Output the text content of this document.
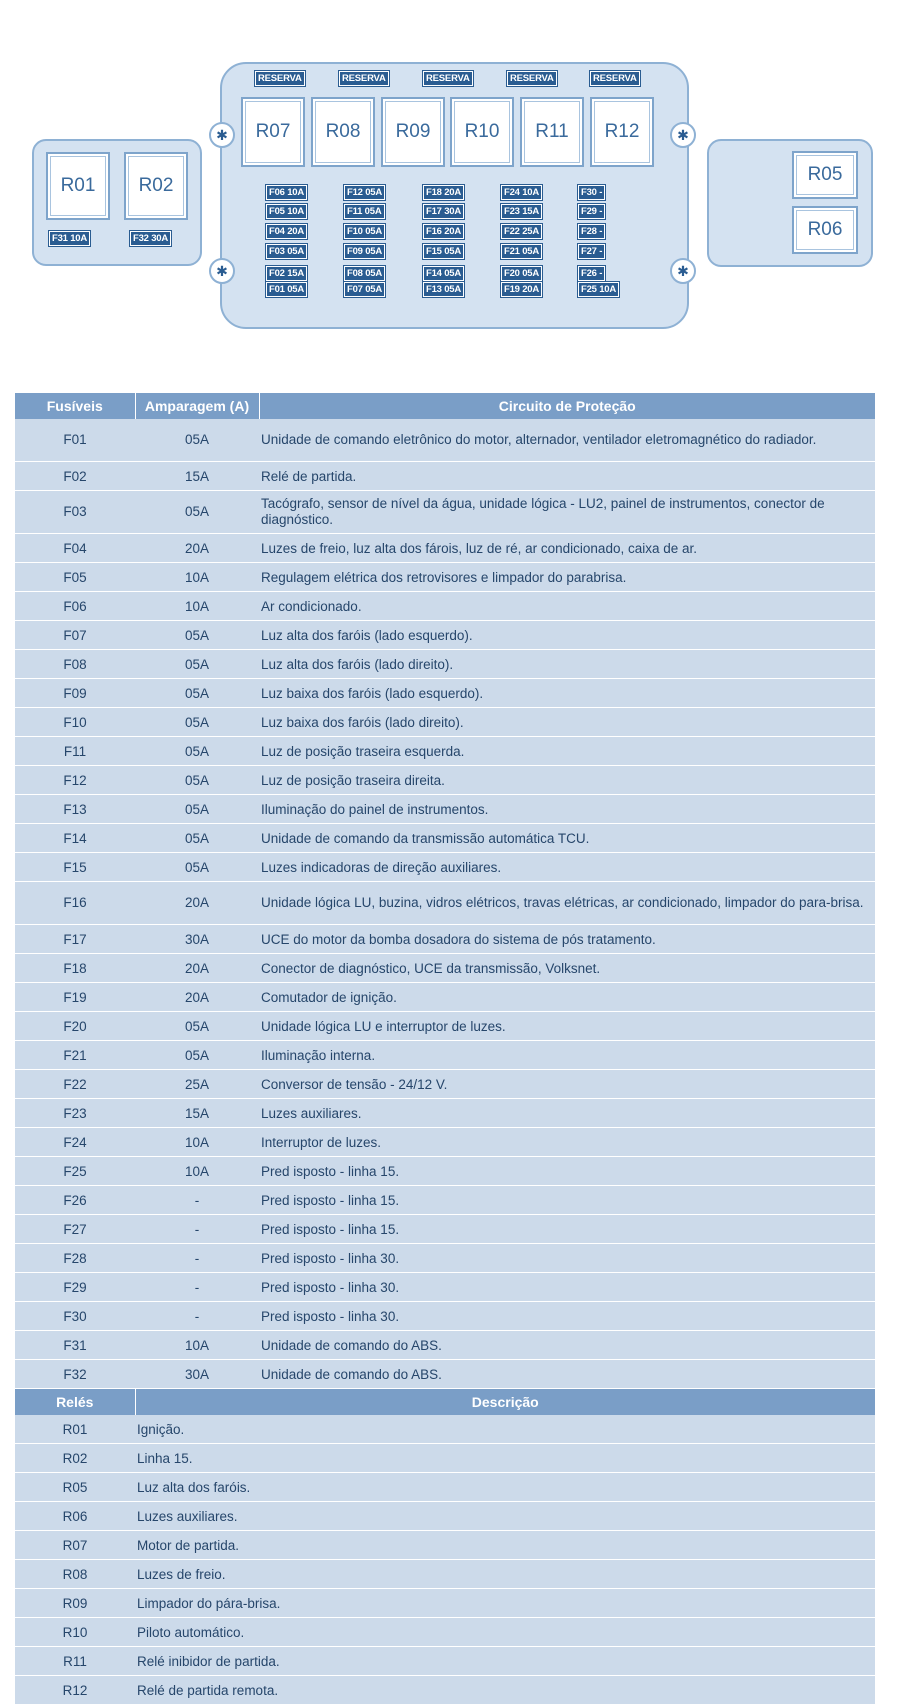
R01	R02
F31 10A	F32 30A
R05
R06
✱
✱
✱
✱
RESERVA	RESERVA	RESERVA	RESERVA	RESERVA
R07	R08	R09	R10	R11	R12
F06 10A
F05 10A
F04 20A
F03 05A
F02 15A
F01 05A
F12 05A
F11 05A
F10 05A
F09 05A
F08 05A
F07 05A
F18 20A
F17 30A
F16 20A
F15 05A
F14 05A
F13 05A
F24 10A
F23 15A
F22 25A
F21 05A
F20 05A
F19 20A
F30 -
F29 -
F28 -
F27 -
F26 -
F25 10A
Fusíveis	Amparagem (A)	Circuito de Proteção
F01	05A	Unidade de comando eletrônico do motor, alternador, ventilador eletromagnético do radiador.
F02	15A	Relé de partida.
F03	05A	Tacógrafo, sensor de nível da água, unidade lógica - LU2, painel de instrumentos, conector de diagnóstico.
F04	20A	Luzes de freio, luz alta dos fárois, luz de ré, ar condicionado, caixa de ar.
F05	10A	Regulagem elétrica dos retrovisores e limpador do parabrisa.
F06	10A	Ar condicionado.
F07	05A	Luz alta dos faróis (lado esquerdo).
F08	05A	Luz alta dos faróis (lado direito).
F09	05A	Luz baixa dos faróis (lado esquerdo).
F10	05A	Luz baixa dos faróis (lado direito).
F11	05A	Luz de posição traseira esquerda.
F12	05A	Luz de posição traseira direita.
F13	05A	Iluminação do painel de instrumentos.
F14	05A	Unidade de comando da transmissão automática TCU.
F15	05A	Luzes indicadoras de direção auxiliares.
F16	20A	Unidade lógica LU, buzina, vidros elétricos, travas elétricas, ar condicionado, limpador do para-brisa.
F17	30A	UCE do motor da bomba dosadora do sistema de pós tratamento.
F18	20A	Conector de diagnóstico, UCE da transmissão, Volksnet.
F19	20A	Comutador de ignição.
F20	05A	Unidade lógica LU e interruptor de luzes.
F21	05A	Iluminação interna.
F22	25A	Conversor de tensão - 24/12 V.
F23	15A	Luzes auxiliares.
F24	10A	Interruptor de luzes.
F25	10A	Pred isposto - linha 15.
F26	-	Pred isposto - linha 15.
F27	-	Pred isposto - linha 15.
F28	-	Pred isposto - linha 30.
F29	-	Pred isposto - linha 30.
F30	-	Pred isposto - linha 30.
F31	10A	Unidade de comando do ABS.
F32	30A	Unidade de comando do ABS.
Relés	Descrição	
R01	Ignição.	
R02	Linha 15.	
R05	Luz alta dos faróis.	
R06	Luzes auxiliares.	
R07	Motor de partida.	
R08	Luzes de freio.	
R09	Limpador do pára-brisa.	
R10	Piloto automático.	
R11	Relé inibidor de partida.	
R12	Relé de partida remota.	
